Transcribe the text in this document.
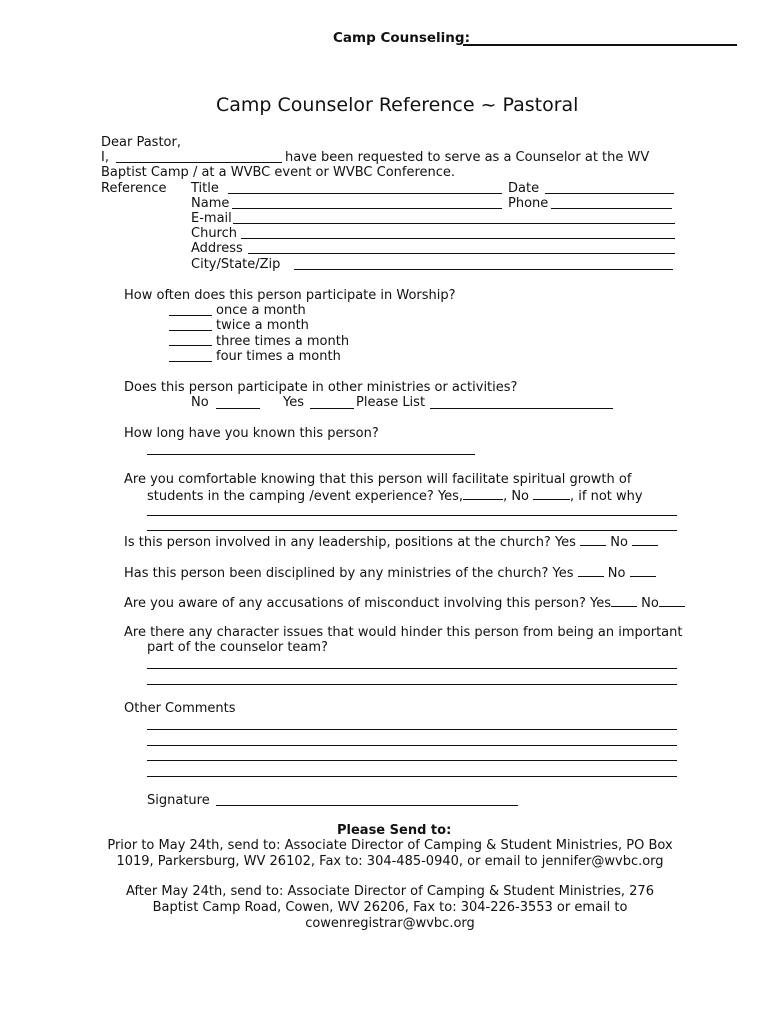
Camp Counseling:
Camp Counselor Reference ~ Pastoral
Dear Pastor,
I,	have been requested to serve as a Counselor at the WV
Baptist Camp / at a WVBC event or WVBC Conference.
Reference Title	Date
Name	Phone
E-mail
Church
Address
City/State/Zip
How often does this person participate in Worship?
once a month
twice a month
three times a month
four times a month
Does this person participate in other ministries or activities?
No	Yes	Please List
How long have you known this person?
Are you comfortable knowing that this person will facilitate spiritual growth of
students in the camping /event experience? Yes,	, No	, if not why
Is this person involved in any leadership, positions at the church? Yes	No
Has this person been disciplined by any ministries of the church? Yes	No
Are you aware of any accusations of misconduct involving this person? Yes No
Are there any character issues that would hinder this person from being an important
part of the counselor team?
Other Comments
Signature
Please Send to:
Prior to May 24th, send to: Associate Director of Camping & Student Ministries, PO Box
1019, Parkersburg, WV 26102, Fax to: 304-485-0940, or email to jennifer@wvbc.org
After May 24th, send to: Associate Director of Camping & Student Ministries, 276
Baptist Camp Road, Cowen, WV 26206, Fax to: 304-226-3553 or email to
cowenregistrar@wvbc.org
